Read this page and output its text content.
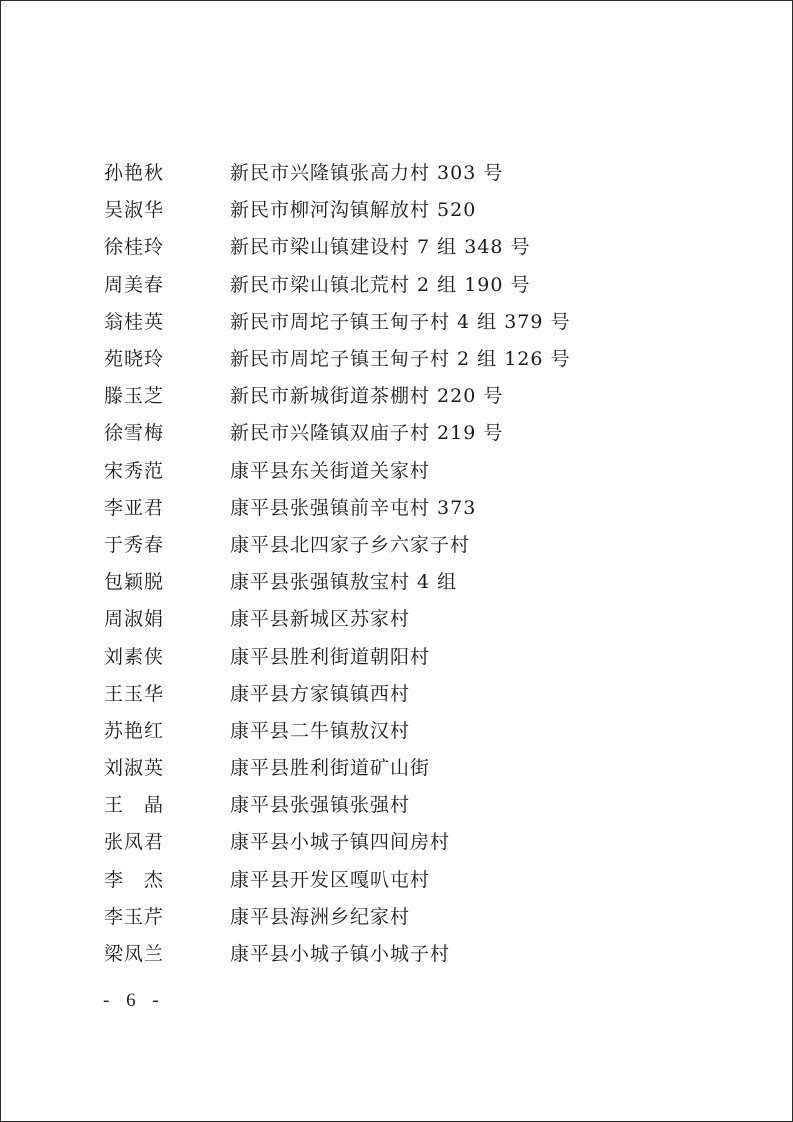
孙艳秋	新民市兴隆镇张高力村 303 号
吴淑华	新民市柳河沟镇解放村 520
徐桂玲	新民市梁山镇建设村 7 组 348 号
周美春	新民市梁山镇北荒村 2 组 190 号
翁桂英	新民市周坨子镇王甸子村 4 组 379 号
苑晓玲	新民市周坨子镇王甸子村 2 组 126 号
滕玉芝	新民市新城街道茶棚村 220 号
徐雪梅	新民市兴隆镇双庙子村 219 号
宋秀范	康平县东关街道关家村
李亚君	康平县张强镇前辛屯村 373
于秀春	康平县北四家子乡六家子村
包颖脱	康平县张强镇敖宝村 4 组
周淑娟	康平县新城区苏家村
刘素侠	康平县胜利街道朝阳村
王玉华	康平县方家镇镇西村
苏艳红	康平县二牛镇敖汉村
刘淑英	康平县胜利街道矿山街
王　晶	康平县张强镇张强村
张凤君	康平县小城子镇四间房村
李　杰	康平县开发区嘎叭屯村
李玉芹	康平县海洲乡纪家村
梁凤兰	康平县小城子镇小城子村
- 6 -
